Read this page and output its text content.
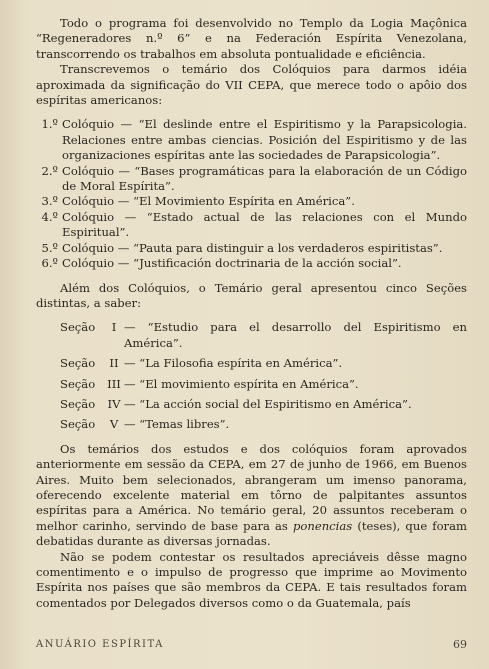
Todo o programa foi desenvolvido no Templo da Logia Maçônica “Regeneradores n.º 6” e na Federación Espírita Venezolana, transcorrendo os trabalhos em absoluta pontualidade e eficiência.

Transcrevemos o temário dos Colóquios para darmos idéia aproximada da significação do VII CEPA, que merece todo o apôio dos espíritas americanos:

1.º Colóquio — “El deslinde entre el Espiritismo y la Parapsicologia. Relaciones entre ambas ciencias. Posición del Espiritismo y de las organizaciones espíritas ante las sociedades de Parapsicologia”.
2.º Colóquio — “Bases programáticas para la elaboración de un Código de Moral Espírita”.
3.º Colóquio — “El Movimiento Espírita en América”.
4.º Colóquio — “Estado actual de las relaciones con el Mundo Espiritual”.
5.º Colóquio — “Pauta para distinguir a los verdaderos espiritistas”.
6.º Colóquio — “Justificación doctrinaria de la acción social”.

Além dos Colóquios, o Temário geral apresentou cinco Seções distintas, a saber:

Seção	I — “Estudio para el desarrollo del Espiritismo en América”.
Seção	II — “La Filosofia espírita en América”.
Seção	III — “El movimiento espírita en América”.
Seção	IV — “La acción social del Espiritismo en América”.
Seção	V — “Temas libres”.

Os temários dos estudos e dos colóquios foram aprovados anteriormente em sessão da CEPA, em 27 de junho de 1966, em Buenos Aires. Muito bem selecionados, abrangeram um imenso panorama, oferecendo excelente material em tôrno de palpitantes assuntos espíritas para a América. No temário geral, 20 assuntos receberam o melhor carinho, servindo de base para as ponencias (teses), que foram debatidas durante as diversas jornadas.

Não se podem contestar os resultados apreciáveis dêsse magno comentimento e o impulso de progresso que imprime ao Movimento Espírita nos países que são membros da CEPA. E tais resultados foram comentados por Delegados diversos como o da Guatemala, país

ANUÁRIO ESPÍRITA	69
